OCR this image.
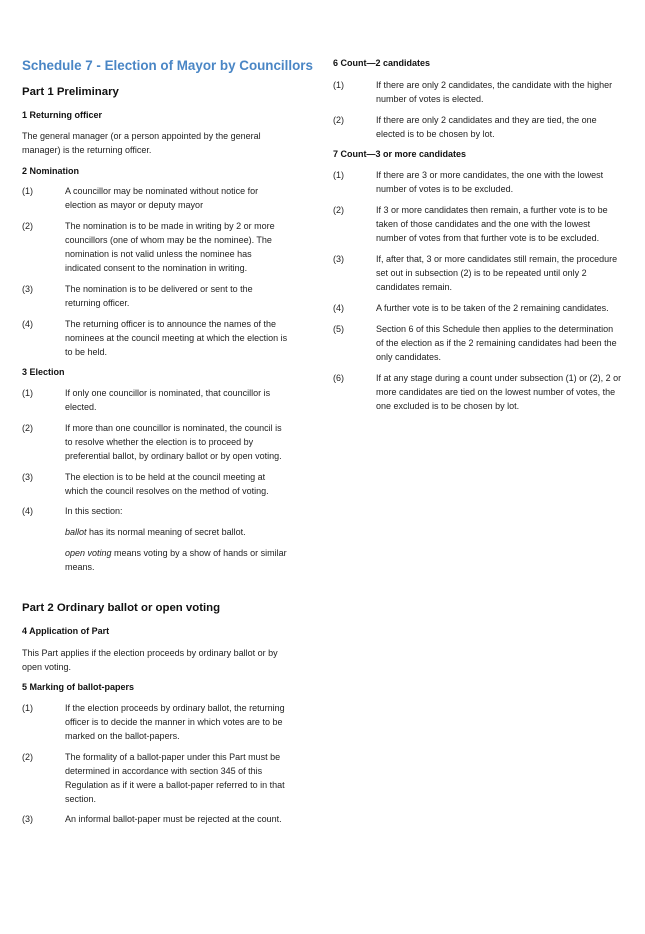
Schedule 7 - Election of Mayor by Councillors
Part 1 Preliminary
1 Returning officer
The general manager (or a person appointed by the general
manager) is the returning officer.
2 Nomination
(1)	A councillor may be nominated without notice for
election as mayor or deputy mayor
(2)	The nomination is to be made in writing by 2 or more
councillors (one of whom may be the nominee). The
nomination is not valid unless the nominee has
indicated consent to the nomination in writing.
(3)	The nomination is to be delivered or sent to the
returning officer.
(4)	The returning officer is to announce the names of the
nominees at the council meeting at which the election is
to be held.
3 Election
(1)	If only one councillor is nominated, that councillor is
elected.
(2)	If more than one councillor is nominated, the council is
to resolve whether the election is to proceed by
preferential ballot, by ordinary ballot or by open voting.
(3)	The election is to be held at the council meeting at
which the council resolves on the method of voting.
(4)	In this section:

ballot has its normal meaning of secret ballot.

open voting means voting by a show of hands or similar
means.
Part 2 Ordinary ballot or open voting
4 Application of Part
This Part applies if the election proceeds by ordinary ballot or by
open voting.
5 Marking of ballot-papers
(1)	If the election proceeds by ordinary ballot, the returning
officer is to decide the manner in which votes are to be
marked on the ballot-papers.
(2)	The formality of a ballot-paper under this Part must be
determined in accordance with section 345 of this
Regulation as if it were a ballot-paper referred to in that
section.
(3)	An informal ballot-paper must be rejected at the count.
6 Count—2 candidates
(1)	If there are only 2 candidates, the candidate with the higher
number of votes is elected.
(2)	If there are only 2 candidates and they are tied, the one
elected is to be chosen by lot.
7 Count—3 or more candidates
(1)	If there are 3 or more candidates, the one with the lowest
number of votes is to be excluded.
(2)	If 3 or more candidates then remain, a further vote is to be
taken of those candidates and the one with the lowest
number of votes from that further vote is to be excluded.
(3)	If, after that, 3 or more candidates still remain, the procedure
set out in subsection (2) is to be repeated until only 2
candidates remain.
(4)	A further vote is to be taken of the 2 remaining candidates.
(5)	Section 6 of this Schedule then applies to the determination
of the election as if the 2 remaining candidates had been the
only candidates.
(6)	If at any stage during a count under subsection (1) or (2), 2 or
more candidates are tied on the lowest number of votes, the
one excluded is to be chosen by lot.
